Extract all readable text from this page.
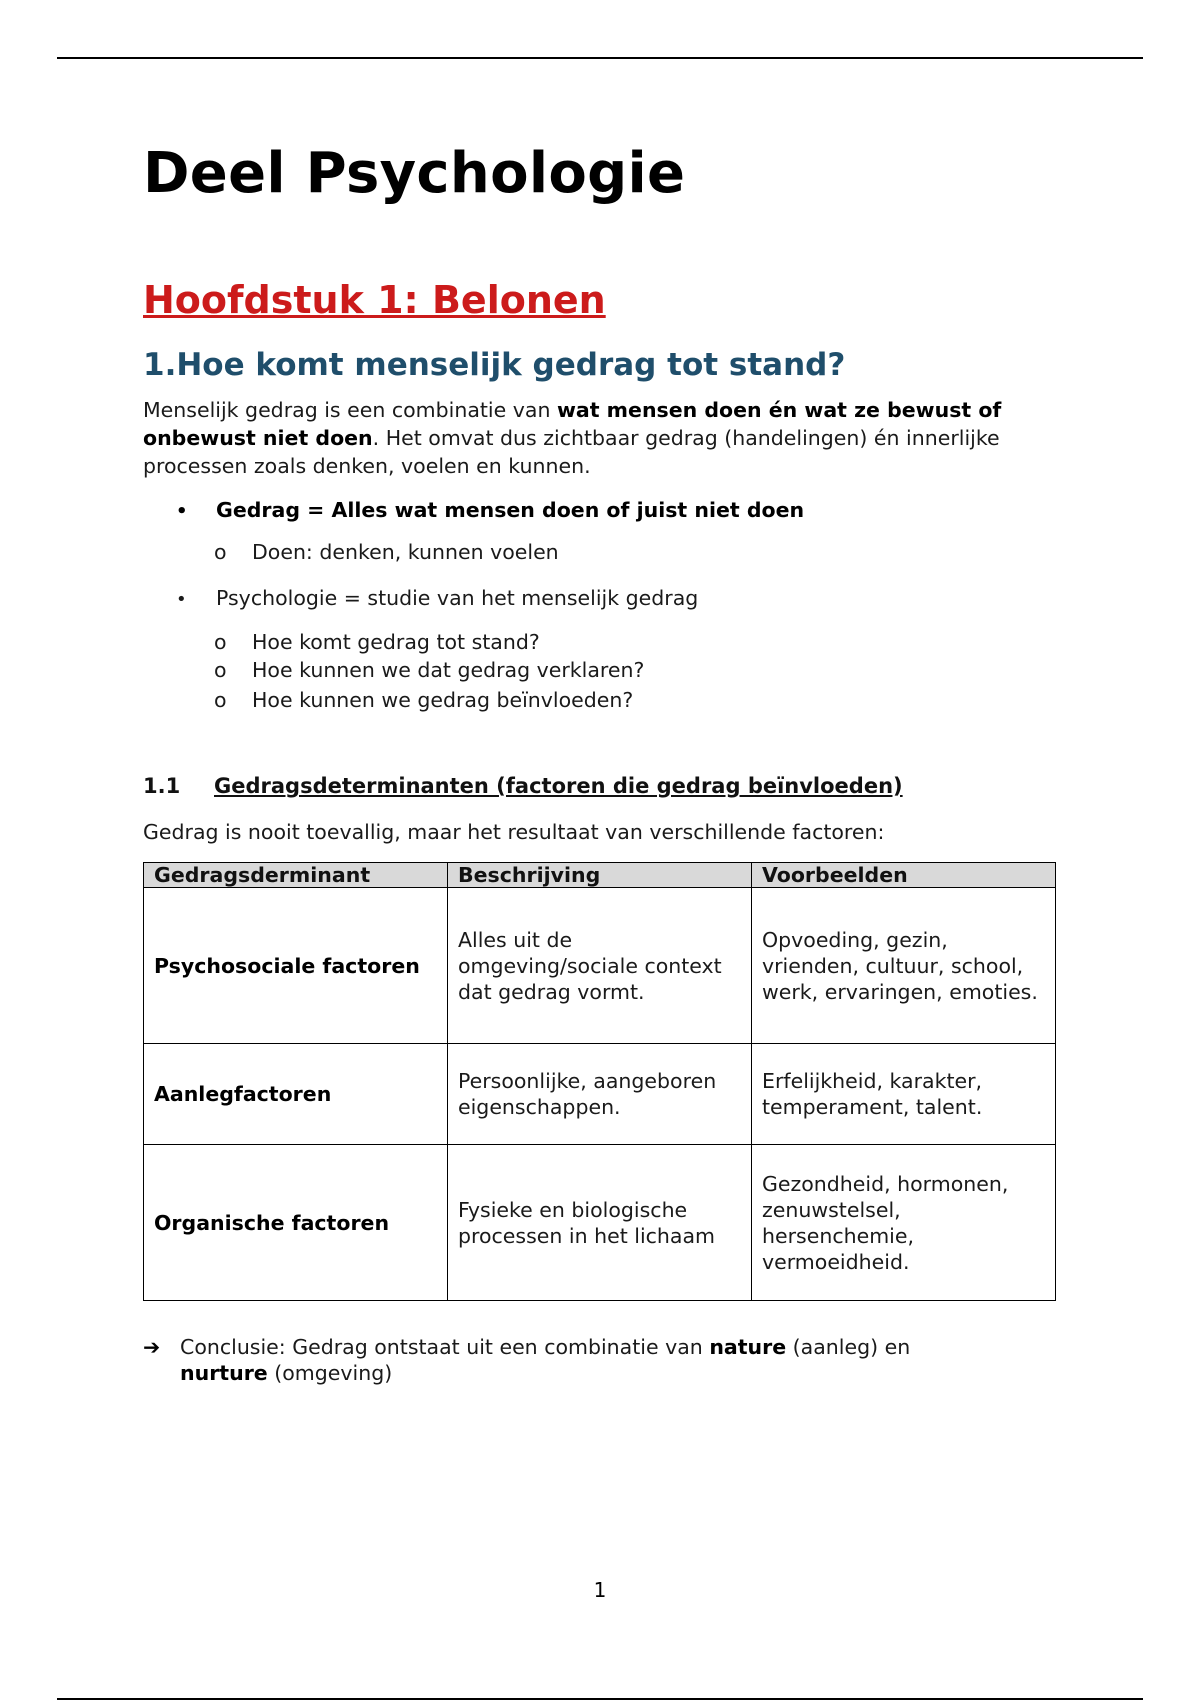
Deel Psychologie
Hoofdstuk 1: Belonen
1.Hoe komt menselijk gedrag tot stand?

Menselijk gedrag is een combinatie van wat mensen doen én wat ze bewust of onbewust niet doen. Het omvat dus zichtbaar gedrag (handelingen) én innerlijke processen zoals denken, voelen en kunnen.

• Gedrag = Alles wat mensen doen of juist niet doen
o Doen: denken, kunnen voelen
• Psychologie = studie van het menselijk gedrag
o Hoe komt gedrag tot stand?
o Hoe kunnen we dat gedrag verklaren?
o Hoe kunnen we gedrag beïnvloeden?
1.1 Gedragsdeterminanten (factoren die gedrag beïnvloeden)

Gedrag is nooit toevallig, maar het resultaat van verschillende factoren:

Gedragsderminant	Beschrijving	Voorbeelden
Psychosociale factoren	Alles uit de omgeving/sociale context dat gedrag vormt.	Opvoeding, gezin, vrienden, cultuur, school, werk, ervaringen, emoties.
Aanlegfactoren	Persoonlijke, aangeboren eigenschappen.	Erfelijkheid, karakter, temperament, talent.
Organische factoren	Fysieke en biologische processen in het lichaam	Gezondheid, hormonen, zenuwstelsel, hersenchemie, vermoeidheid.
➔ Conclusie: Gedrag ontstaat uit een combinatie van nature (aanleg) en
nurture (omgeving)
1
